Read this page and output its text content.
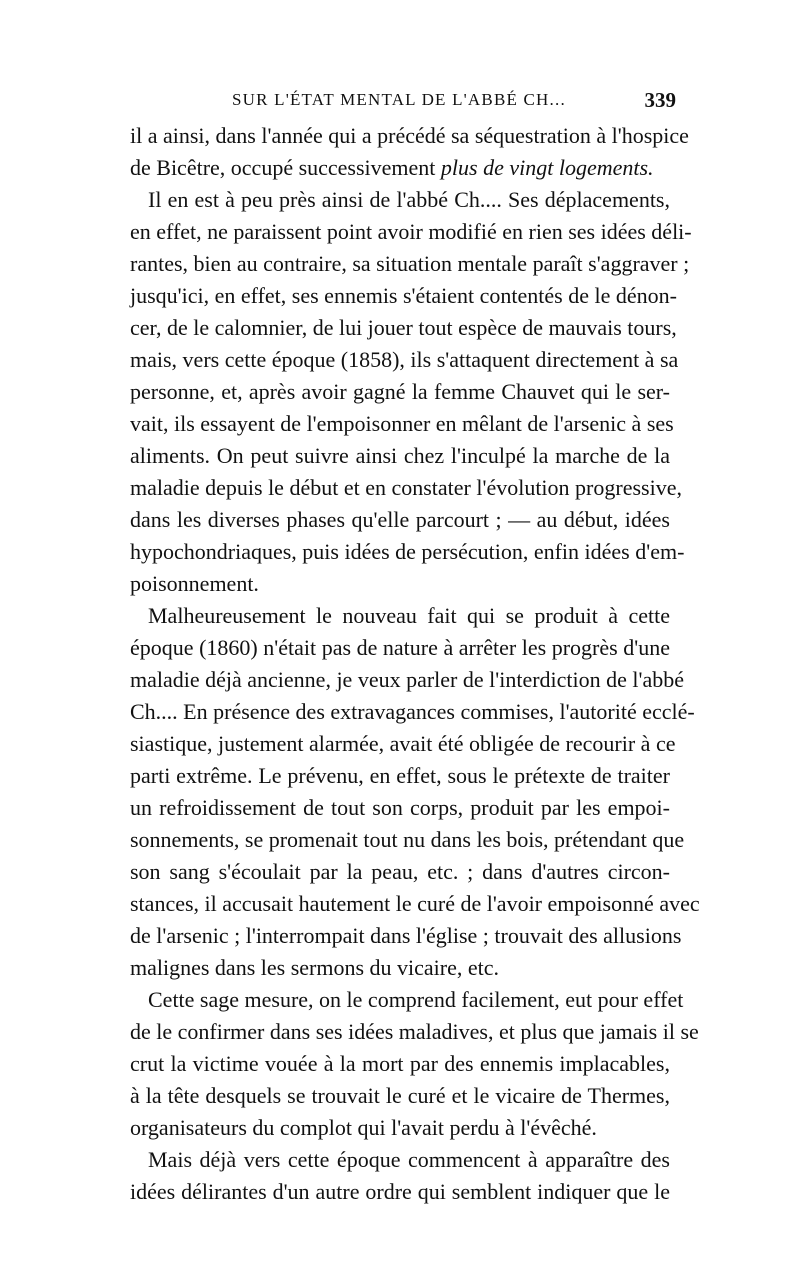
SUR L'ÉTAT MENTAL DE L'ABBÉ CH...	339
il a ainsi, dans l'année qui a précédé sa séquestration à l'hospice
de Bicêtre, occupé successivement plus de vingt logements.
Il en est à peu près ainsi de l'abbé Ch.... Ses déplacements,
en effet, ne paraissent point avoir modifié en rien ses idées déli-
rantes, bien au contraire, sa situation mentale paraît s'aggraver ;
jusqu'ici, en effet, ses ennemis s'étaient contentés de le dénon-
cer, de le calomnier, de lui jouer tout espèce de mauvais tours,
mais, vers cette époque (1858), ils s'attaquent directement à sa
personne, et, après avoir gagné la femme Chauvet qui le ser-
vait, ils essayent de l'empoisonner en mêlant de l'arsenic à ses
aliments. On peut suivre ainsi chez l'inculpé la marche de la
maladie depuis le début et en constater l'évolution progressive,
dans les diverses phases qu'elle parcourt ; — au début, idées
hypochondriaques, puis idées de persécution, enfin idées d'em-
poisonnement.
Malheureusement le nouveau fait qui se produit à cette
époque (1860) n'était pas de nature à arrêter les progrès d'une
maladie déjà ancienne, je veux parler de l'interdiction de l'abbé
Ch.... En présence des extravagances commises, l'autorité ecclé-
siastique, justement alarmée, avait été obligée de recourir à ce
parti extrême. Le prévenu, en effet, sous le prétexte de traiter
un refroidissement de tout son corps, produit par les empoi-
sonnements, se promenait tout nu dans les bois, prétendant que
son sang s'écoulait par la peau, etc. ; dans d'autres circon-
stances, il accusait hautement le curé de l'avoir empoisonné avec
de l'arsenic ; l'interrompait dans l'église ; trouvait des allusions
malignes dans les sermons du vicaire, etc.
Cette sage mesure, on le comprend facilement, eut pour effet
de le confirmer dans ses idées maladives, et plus que jamais il se
crut la victime vouée à la mort par des ennemis implacables,
à la tête desquels se trouvait le curé et le vicaire de Thermes,
organisateurs du complot qui l'avait perdu à l'évêché.
Mais déjà vers cette époque commencent à apparaître des
idées délirantes d'un autre ordre qui semblent indiquer que le
